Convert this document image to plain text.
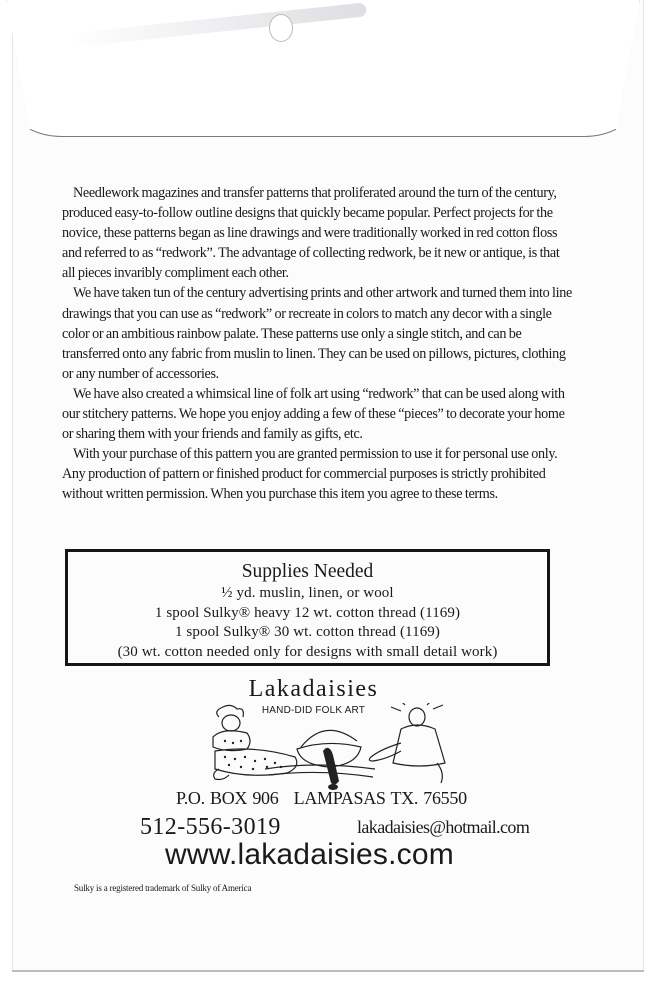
Needlework magazines and transfer patterns that proliferated around the turn of the century, produced easy-to-follow outline designs that quickly became popular. Perfect projects for the novice, these patterns began as line drawings and were traditionally worked in red cotton floss and referred to as “redwork”. The advantage of collecting redwork, be it new or antique, is that all pieces invaribly compliment each other.

We have taken tun of the century advertising prints and other artwork and turned them into line drawings that you can use as “redwork” or recreate in colors to match any decor with a single color or an ambitious rainbow palate. These patterns use only a single stitch, and can be transferred onto any fabric from muslin to linen. They can be used on pillows, pictures, clothing or any number of accessories.

We have also created a whimsical line of folk art using “redwork” that can be used along with our stitchery patterns. We hope you enjoy adding a few of these “pieces” to decorate your home or sharing them with your friends and family as gifts, etc.

With your purchase of this pattern you are granted permission to use it for personal use only. Any production of pattern or finished product for commercial purposes is strictly prohibited without written permission. When you purchase this item you agree to these terms.

Supplies Needed
½ yd. muslin, linen, or wool
1 spool Sulky® heavy 12 wt. cotton thread (1169)
1 spool Sulky® 30 wt. cotton thread (1169)
(30 wt. cotton needed only for designs with small detail work)
Lakadaisies
HAND-DID FOLK ART
P.O. BOX 906 LAMPASAS TX. 76550
512-556-3019	lakadaisies@hotmail.com
www.lakadaisies.com
Sulky is a registered trademark of Sulky of America
